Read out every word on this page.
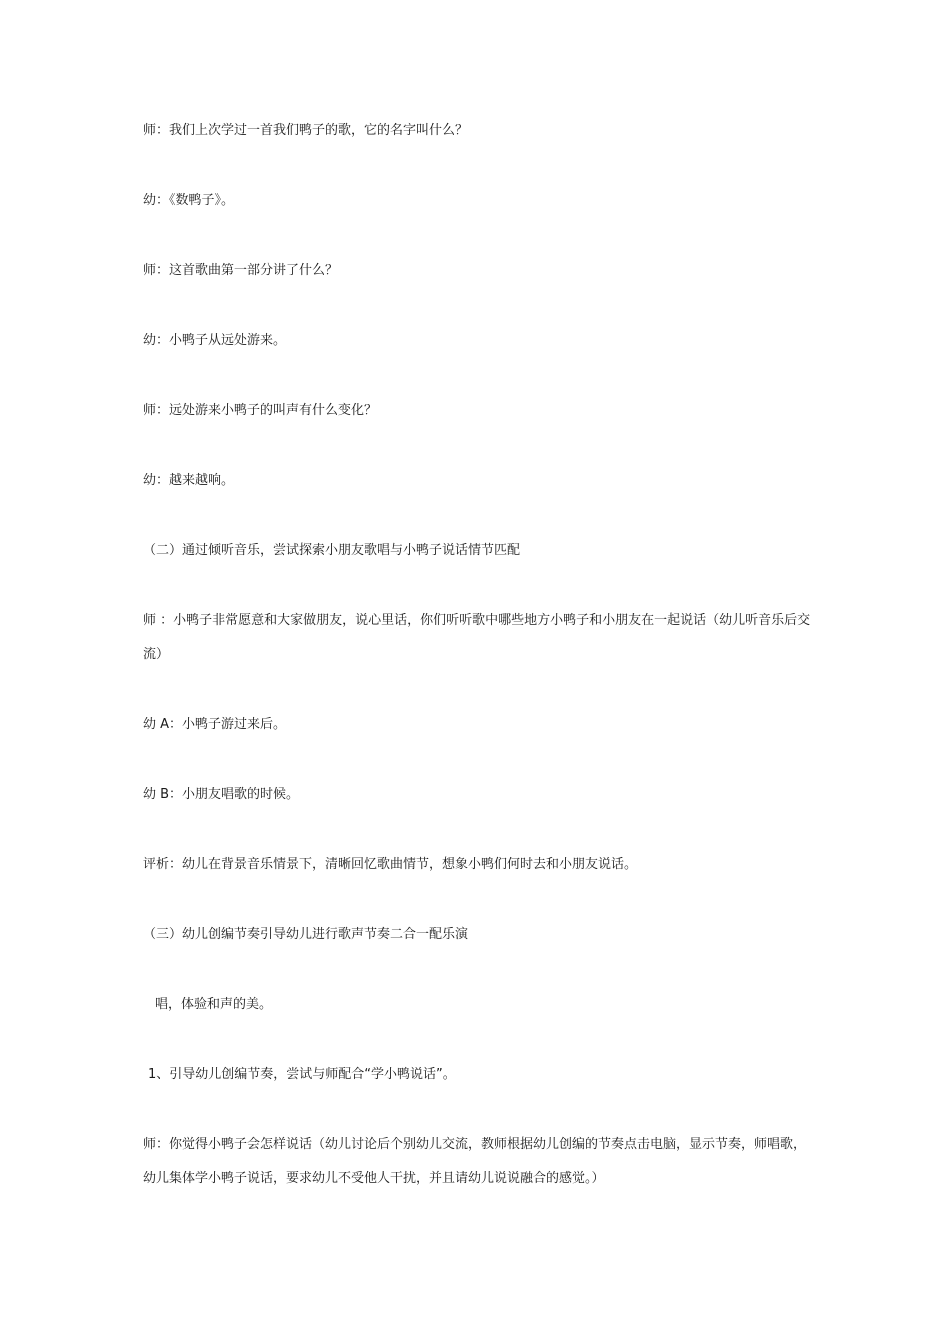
师：我们上次学过一首我们鸭子的歌，它的名字叫什么？

幼：《数鸭子》。

师：这首歌曲第一部分讲了什么？

幼：小鸭子从远处游来。

师：远处游来小鸭子的叫声有什么变化？

幼：越来越响。

（二）通过倾听音乐，尝试探索小朋友歌唱与小鸭子说话情节匹配

师 ：小鸭子非常愿意和大家做朋友，说心里话，你们听听歌中哪些地方小鸭子和小朋友在一起说话（幼儿听音乐后交流）

幼 A：小鸭子游过来后。

幼 B：小朋友唱歌的时候。

评析：幼儿在背景音乐情景下，清晰回忆歌曲情节，想象小鸭们何时去和小朋友说话。

（三）幼儿创编节奏引导幼儿进行歌声节奏二合一配乐演

唱，体验和声的美。

1、引导幼儿创编节奏，尝试与师配合“学小鸭说话”。

师：你觉得小鸭子会怎样说话（幼儿讨论后个别幼儿交流，教师根据幼儿创编的节奏点击电脑，显示节奏，师唱歌，幼儿集体学小鸭子说话，要求幼儿不受他人干扰，并且请幼儿说说融合的感觉。）
